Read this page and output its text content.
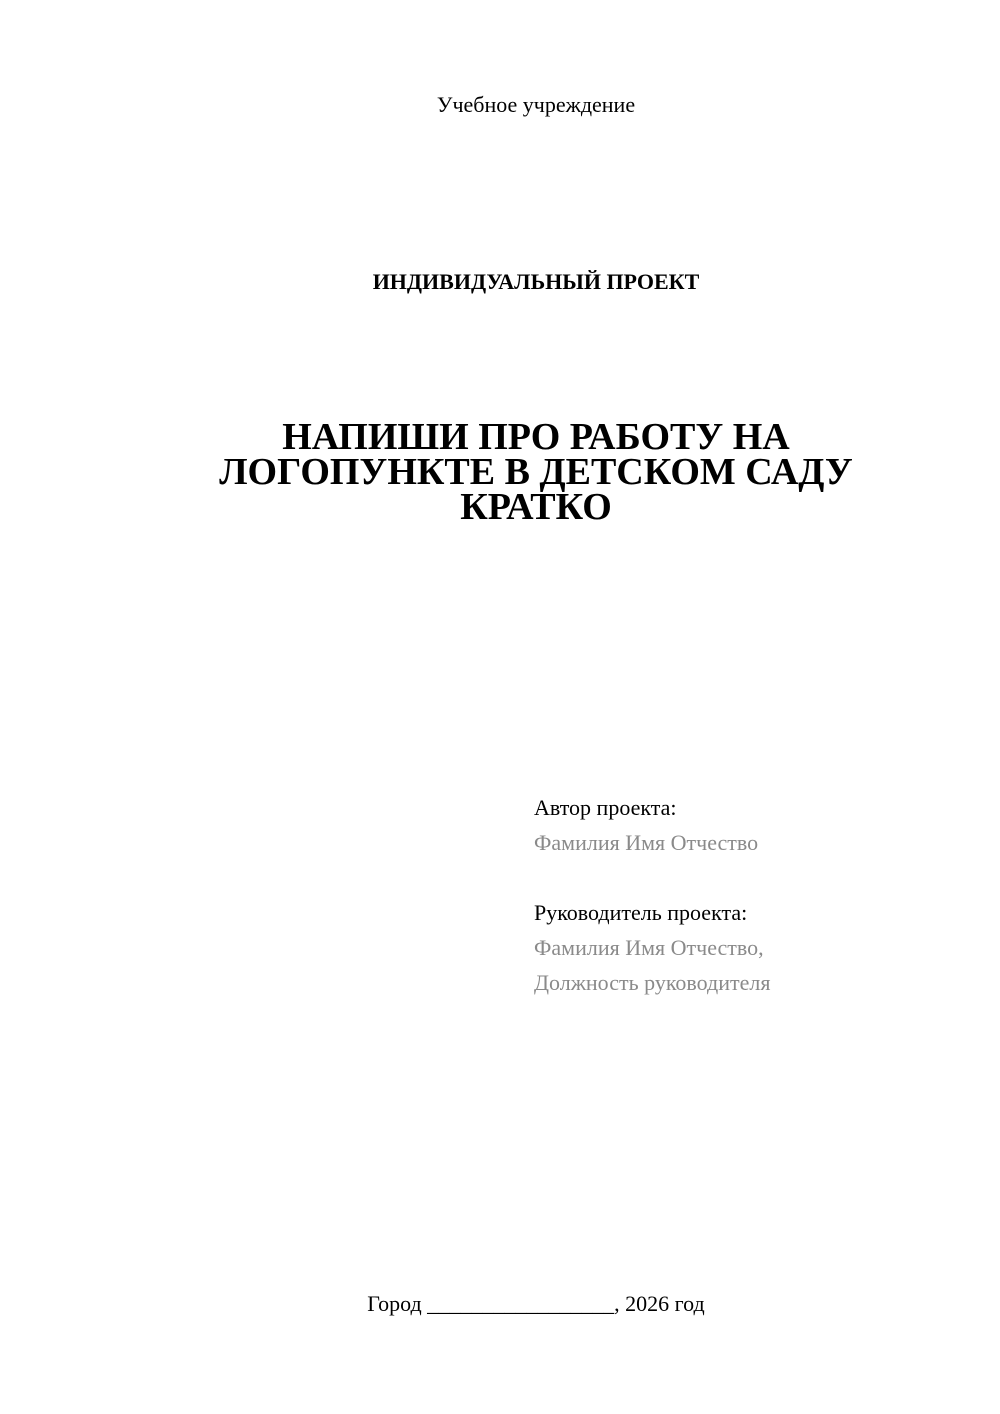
Учебное учреждение
ИНДИВИДУАЛЬНЫЙ ПРОЕКТ
НАПИШИ ПРО РАБОТУ НА
ЛОГОПУНКТЕ В ДЕТСКОМ САДУ
КРАТКО
Автор проекта:
Фамилия Имя Отчество
Руководитель проекта:
Фамилия Имя Отчество,
Должность руководителя
Город _________________, 2026 год
